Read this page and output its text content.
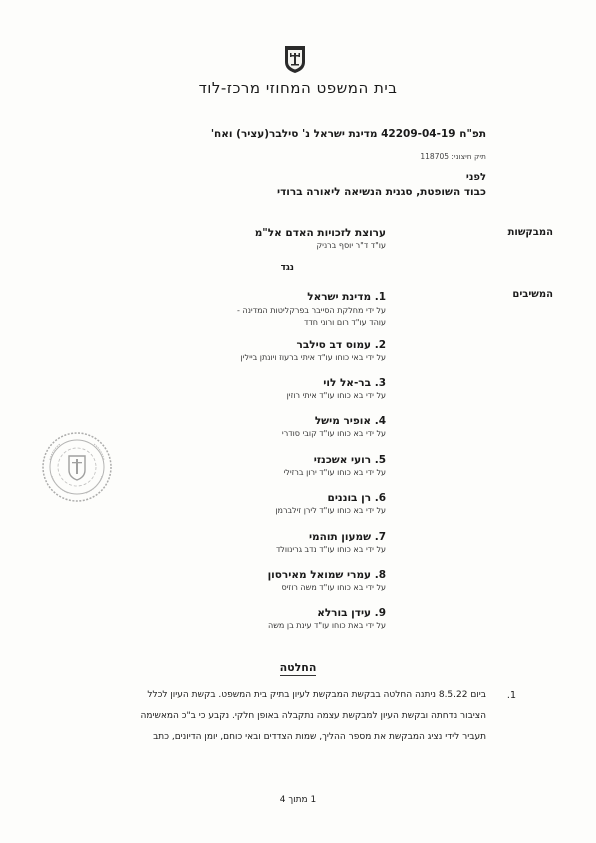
בית המשפט המחוזי מרכז-לוד
תפ"ח 42209-04-19 מדינת ישראל נ' סילבר(עציר) ואח'
תיק חיצוני: 118705
לפני
כבוד השופטת, סגנית הנשיאה ליאורה ברודי
המבקשות
ערוצת לזכויות האדם אל"מ
עו"ד ד"ר יוסף ברניק
נגד
המשיבים
1. מדינת ישראל
על ידי מחלקת הסייבר בפרקליטות המדינה -
עוהד עו"ד רום ורוני חדד
2. עמוס דב סילבר
על ידי באי כוחו עו"ד איתי ברעוז ויונתן ביילין
3. בר-אל לוי
על ידי בא כוחו עו"ד איתי רוזין
4. אופיר מישל
על ידי בא כוחו עו"ד קובי סודרי
5. רועי אשכנזי
על ידי בא כוחו עו"ד ירון ברזילי
6. רן בוננים
על ידי בא כוחו עו"ד לירן זילברמן
7. שמעון תוהמי
על ידי בא כוחו עו"ד נדב גרינוולד
8. עמרי שמואל מאירסון
על ידי בא כוחו עו"ד משה רוזיס
9. עידן בורלא
על ידי באת כוחו עו"ד עינת בן משה
החלטה
1.
ביום 8.5.22 ניתנה החלטה בבקשת המבקשת לעיון בתיק בית המשפט. בקשת העיון לכלל
הציבור נדחתה ובקשת העיון למבקשת עצמה נתקבלה באופן חלקי. נקבע כי ב"כ המאשימה
תעביר לידי נציג המבקשת את מספר ההליך, שמות הצדדים ובאי כוחם, יומן הדיונים, כתב
1 מתוך 4
